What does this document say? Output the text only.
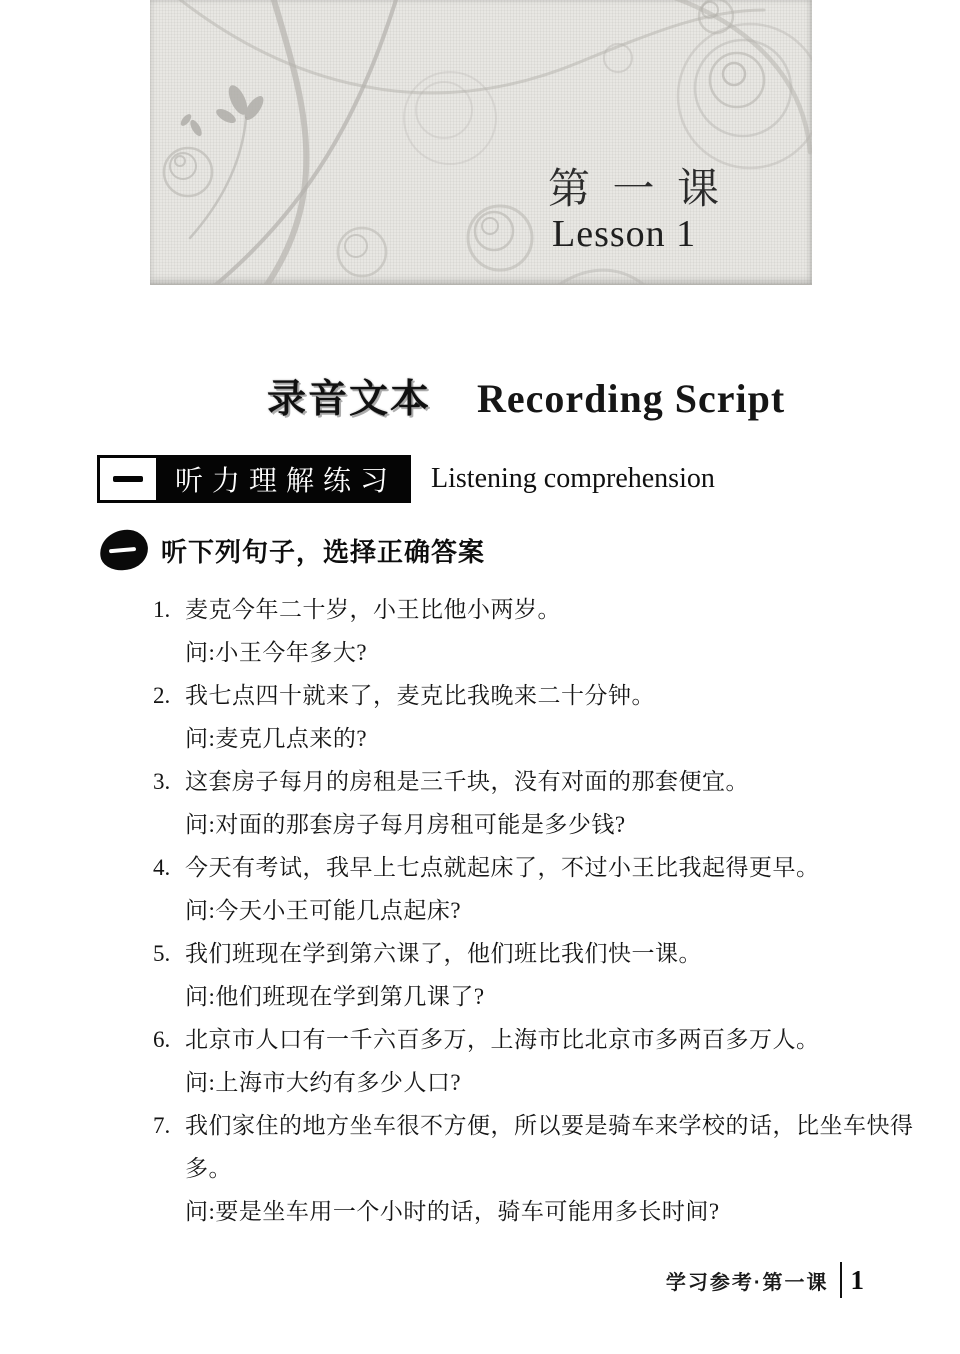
第 一 课
Lesson 1
录音文本 Recording Script
听力理解练习	Listening comprehension
听下列句子，选择正确答案
1. 麦克今年二十岁，小王比他小两岁。
问:小王今年多大?
2. 我七点四十就来了，麦克比我晚来二十分钟。
问:麦克几点来的?
3. 这套房子每月的房租是三千块，没有对面的那套便宜。
问:对面的那套房子每月房租可能是多少钱?
4. 今天有考试，我早上七点就起床了，不过小王比我起得更早。
问:今天小王可能几点起床?
5. 我们班现在学到第六课了，他们班比我们快一课。
问:他们班现在学到第几课了?
6. 北京市人口有一千六百多万，上海市比北京市多两百多万人。
问:上海市大约有多少人口?
7. 我们家住的地方坐车很不方便，所以要是骑车来学校的话，比坐车快得多。
问:要是坐车用一个小时的话，骑车可能用多长时间?
学习参考·第一课 1
